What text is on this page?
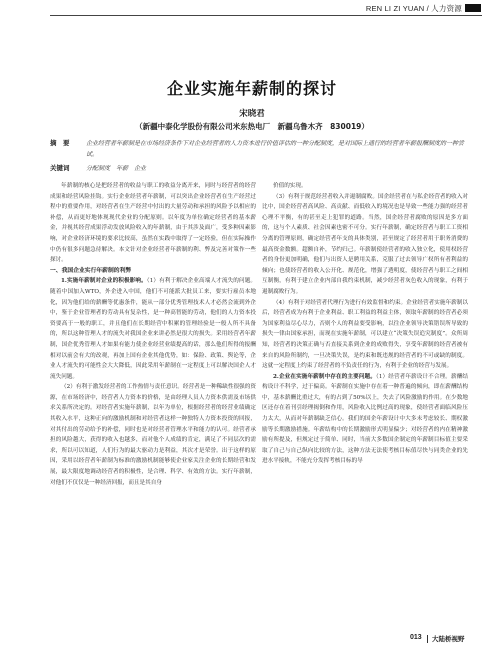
REN LI ZI YUAN / 人力资源
企业实施年薪制的探讨
宋晓君
（新疆中泰化学股份有限公司米东热电厂　新疆乌鲁木齐　830019）
摘　要	企业经营者年薪制是在市场经济条件下对企业经营者的人力资本进行价值评估的一种分配制度，是对国际上通行的经营者年薪报酬制度的一种尝试。
关键词	分配制度　年薪　企业

年薪制的核心是把经营者的收益与职工的收益分离开来，同时与经营者的经营成果和经营风险挂钩。实行企业经营者年薪制，可以突出企业经营者在生产经营过程中的重要作用，对经营者在生产经营中付出的大量劳动和承担的风险予以相应的补偿，从而更好地体现现代企业的分配原则。以年度为单位确定经营者的基本薪金，并视其经营成果浮动发放风险收入的年薪制，由于其涉及面广，受多种因素影响，对企业经济环境的要求比较高，虽然在实践中取得了一定经验，但在实际操作中仍有很多问题急待解决。本文针对企业经营者年薪制的利、弊及完善对策作一些探讨。

一、我国企业实行年薪制的利弊

1.实施年薪制对企业的积极影响。（1）有利于解决企业高端人才流失的问题。随着中国加入WTO，外企进入中国，他们不可能派大批员工来，要实行雇员本地化，因为他们给的薪酬等优惠条件，能从一部分优秀管理技术人才必然会流到外企中，鉴于企业管理者的劳动具有复杂性，是一种高智能的劳动，他们的人力资本投资要高于一般的职工，并且他们在长期经营中积累的管理经验是一般人所不具备的，所以这种管理人才的流失对我国企业来讲必然是很大的损失。采用经营者年薪制，国企优秀管理人才如果有能力使企业经营业绩提高的话，那么他们所得的报酬相对以前会有大的改观，再加上国有企业其他优势，如：保险、政策、舆论等，企业人才流失的可能性会大大降低，因此采用年薪制在一定程度上可以解决国企人才流失问题。

（2）有利于激发经营者的工作热情与责任意识。经营者是一种稀缺性很强的资源，在市场经济中，经营者人力资本的价格，是由经理人员人力资本供需及市场供求关系所决定的。对经营者实施年薪制，以年为单位，根据经营者的经营业绩确定其收入水平，这种正向的激励机制和对经营者这样一种独特人力资本投资的回报，对其付出的劳动给予的补偿，同时也是对经营者管理水平和能力的认可。经营者承担的风险越大，获得的收入也越多，而对他个人成绩的肯定，满足了不同层次的需求，所以可以知道，人们行为的最大驱动力是利益，其次才是荣誉。出于这样的原因，采用以经营者年薪制为标准的激励机制能够使企业家关注企业的长期经营和发展，最大限度地调动经营者的积极性，是合理、科学、有效的方法。实行年薪制，对他们不仅仅是一种经济回报，而且是其自身

价值的实现。

（3）有利于规范经营者收入并遏制腐败。国企经营者在与私企经营者的收入对比中，国企经营者高风险、高贡献、而低收入的境况也是导致一些能力强的经营者心理不平衡，有的甚至走上犯罪的道路。当然，国企经营者腐败的原因是多方面的，这与个人素质、社会因素也密不可分。实行年薪制，确定经营者与职工工资相分离的管理原则，确定经营者年支的具体类别，甚至规定了经营者用于职务消费的最高资金数额。超额自补，节约归己。年薪制使经营者的收入独立化，使用权经营者的身份更加明确，他们与出资人是聘用关系，克服了过去领导广权所有者利益的倾向；也使经营者的收入公开化、规范化，增强了透明度，使经营者与职工之间相互制衡，有利于建立企业内部自我约束机制，减少经营者灰色收入的现象，有利于遏制腐败行为。

（4）有利于对经营者代理行为进行有效监督和约束。企业经营者实施年薪制以后，经营者成为有利于企业利益、职工利益的利益主体，领取年薪制的经营者必须为国家利益尽心尽力，否则个人的利益要受影响，以往企业领导决策错误所导致的损失一律由国家承担，而现在实施年薪制，可以建立“决策失误追究制度”。众所周知，经营者的决策正确与否直接关系到企业的成败得失，享受年薪制的经营者被有来自的风险所制约，一旦决策失误，是约束和既违规的经营者的不可或缺的制度。这就一定程度上约束了经营者的不负责任的行为，有利于企业的经营与发展。

2.企业在实施年薪制中存在的主要问题。（1）经营者年薪设计不合理。薪酬结构设计不科学，过于偏高。年薪制在实施中存在着一种普遍的倾向，即在薪酬结构中，基本薪酬比重过大，有的占到了50%以上，失去了风险激励的作用。在少数地区还存在着刊引经理揭倒和作用，风险收入比例过高的现象，使经营者面临风险压力太大，从而对年薪制缺乏信心。我们的国企年薪设计中大多未考虑较长、期权激励等长期激励措施。年薪结构中的长期激励形式明显偏少；对经营者的内在精神激励有所提及，但规定过于简单、同时，当前大多数国企制定的年薪制目标值主要采取了自己与自己纵向比较的方法，这种方法无法使考核目标值尽快与同类企业的先进水平接轨，不能充分发挥考核目标的导

013 大陆桥视野
